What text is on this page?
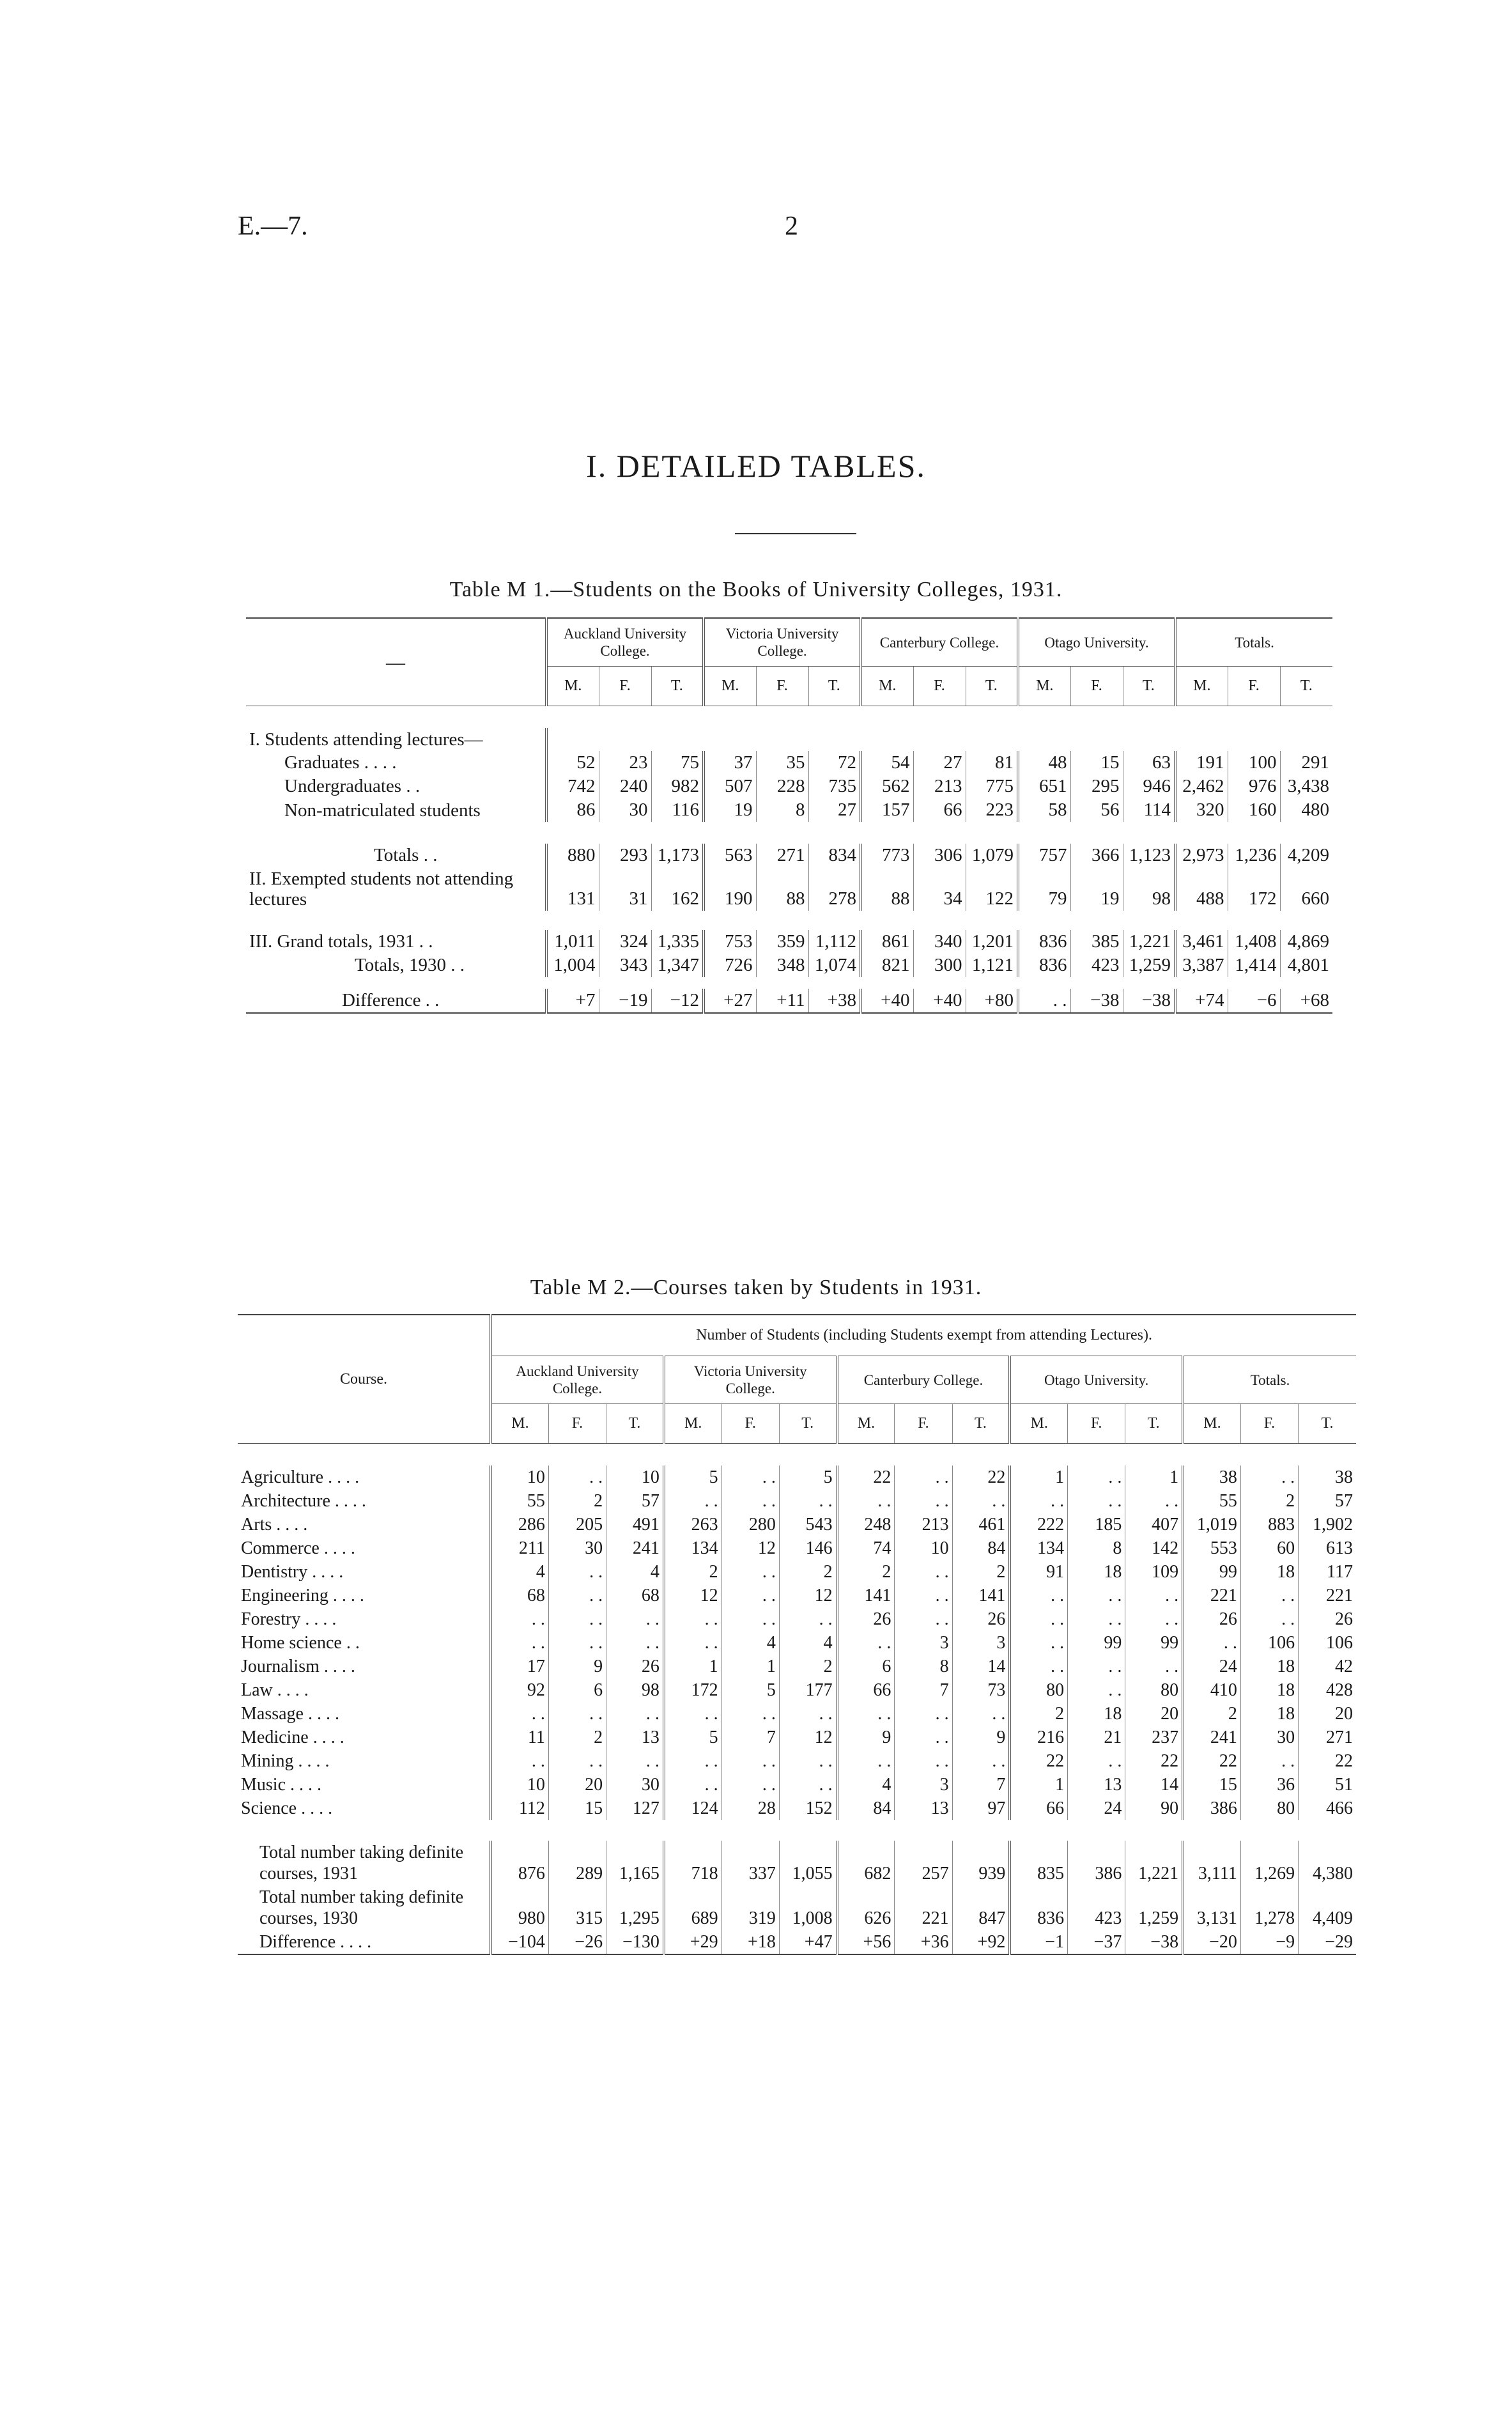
E.—7.	2
I. DETAILED TABLES.
Table M 1.—Students on the Books of University Colleges, 1931.
—	Auckland University College.			Victoria University College.			Canterbury College.			Otago University.			Totals.		
	M.	F.	T.	M.	F.	T.	M.	F.	T.	M.	F.	T.	M.	F.	T.

I. Students attending lectures—															
Graduates . . . .	52	23	75	37	35	72	54	27	81	48	15	63	191	100	291
Undergraduates . .	742	240	982	507	228	735	562	213	775	651	295	946	2,462	976	3,438
Non-matriculated students	86	30	116	19	8	27	157	66	223	58	56	114	320	160	480

Totals . .	880	293	1,173	563	271	834	773	306	1,079	757	366	1,123	2,973	1,236	4,209
II. Exempted students not attending lectures	131	31	162	190	88	278	88	34	122	79	19	98	488	172	660

III. Grand totals, 1931 . .	1,011	324	1,335	753	359	1,112	861	340	1,201	836	385	1,221	3,461	1,408	4,869
Totals, 1930 . .	1,004	343	1,347	726	348	1,074	821	300	1,121	836	423	1,259	3,387	1,414	4,801

Difference . .	+7	−19	−12	+27	+11	+38	+40	+40	+80	. .	−38	−38	+74	−6	+68
Table M 2.—Courses taken by Students in 1931.
Course.	Number of Students (including Students exempt from attending Lectures).														
	Auckland University College.			Victoria University College.			Canterbury College.			Otago University.			Totals.		
	M.	F.	T.	M.	F.	T.	M.	F.	T.	M.	F.	T.	M.	F.	T.

Agriculture . . . .	10	. .	10	5	. .	5	22	. .	22	1	. .	1	38	. .	38
Architecture . . . .	55	2	57	. .	. .	. .	. .	. .	. .	. .	. .	. .	55	2	57
Arts . . . .	286	205	491	263	280	543	248	213	461	222	185	407	1,019	883	1,902
Commerce . . . .	211	30	241	134	12	146	74	10	84	134	8	142	553	60	613
Dentistry . . . .	4	. .	4	2	. .	2	2	. .	2	91	18	109	99	18	117
Engineering . . . .	68	. .	68	12	. .	12	141	. .	141	. .	. .	. .	221	. .	221
Forestry . . . .	. .	. .	. .	. .	. .	. .	26	. .	26	. .	. .	. .	26	. .	26
Home science . .	. .	. .	. .	. .	4	4	. .	3	3	. .	99	99	. .	106	106
Journalism . . . .	17	9	26	1	1	2	6	8	14	. .	. .	. .	24	18	42
Law . . . .	92	6	98	172	5	177	66	7	73	80	. .	80	410	18	428
Massage . . . .	. .	. .	. .	. .	. .	. .	. .	. .	. .	2	18	20	2	18	20
Medicine . . . .	11	2	13	5	7	12	9	. .	9	216	21	237	241	30	271
Mining . . . .	. .	. .	. .	. .	. .	. .	. .	. .	. .	22	. .	22	22	. .	22
Music . . . .	10	20	30	. .	. .	. .	4	3	7	1	13	14	15	36	51
Science . . . .	112	15	127	124	28	152	84	13	97	66	24	90	386	80	466

Total number taking definite courses, 1931	876	289	1,165	718	337	1,055	682	257	939	835	386	1,221	3,111	1,269	4,380
Total number taking definite courses, 1930	980	315	1,295	689	319	1,008	626	221	847	836	423	1,259	3,131	1,278	4,409
Difference . . . .	−104	−26	−130	+29	+18	+47	+56	+36	+92	−1	−37	−38	−20	−9	−29
